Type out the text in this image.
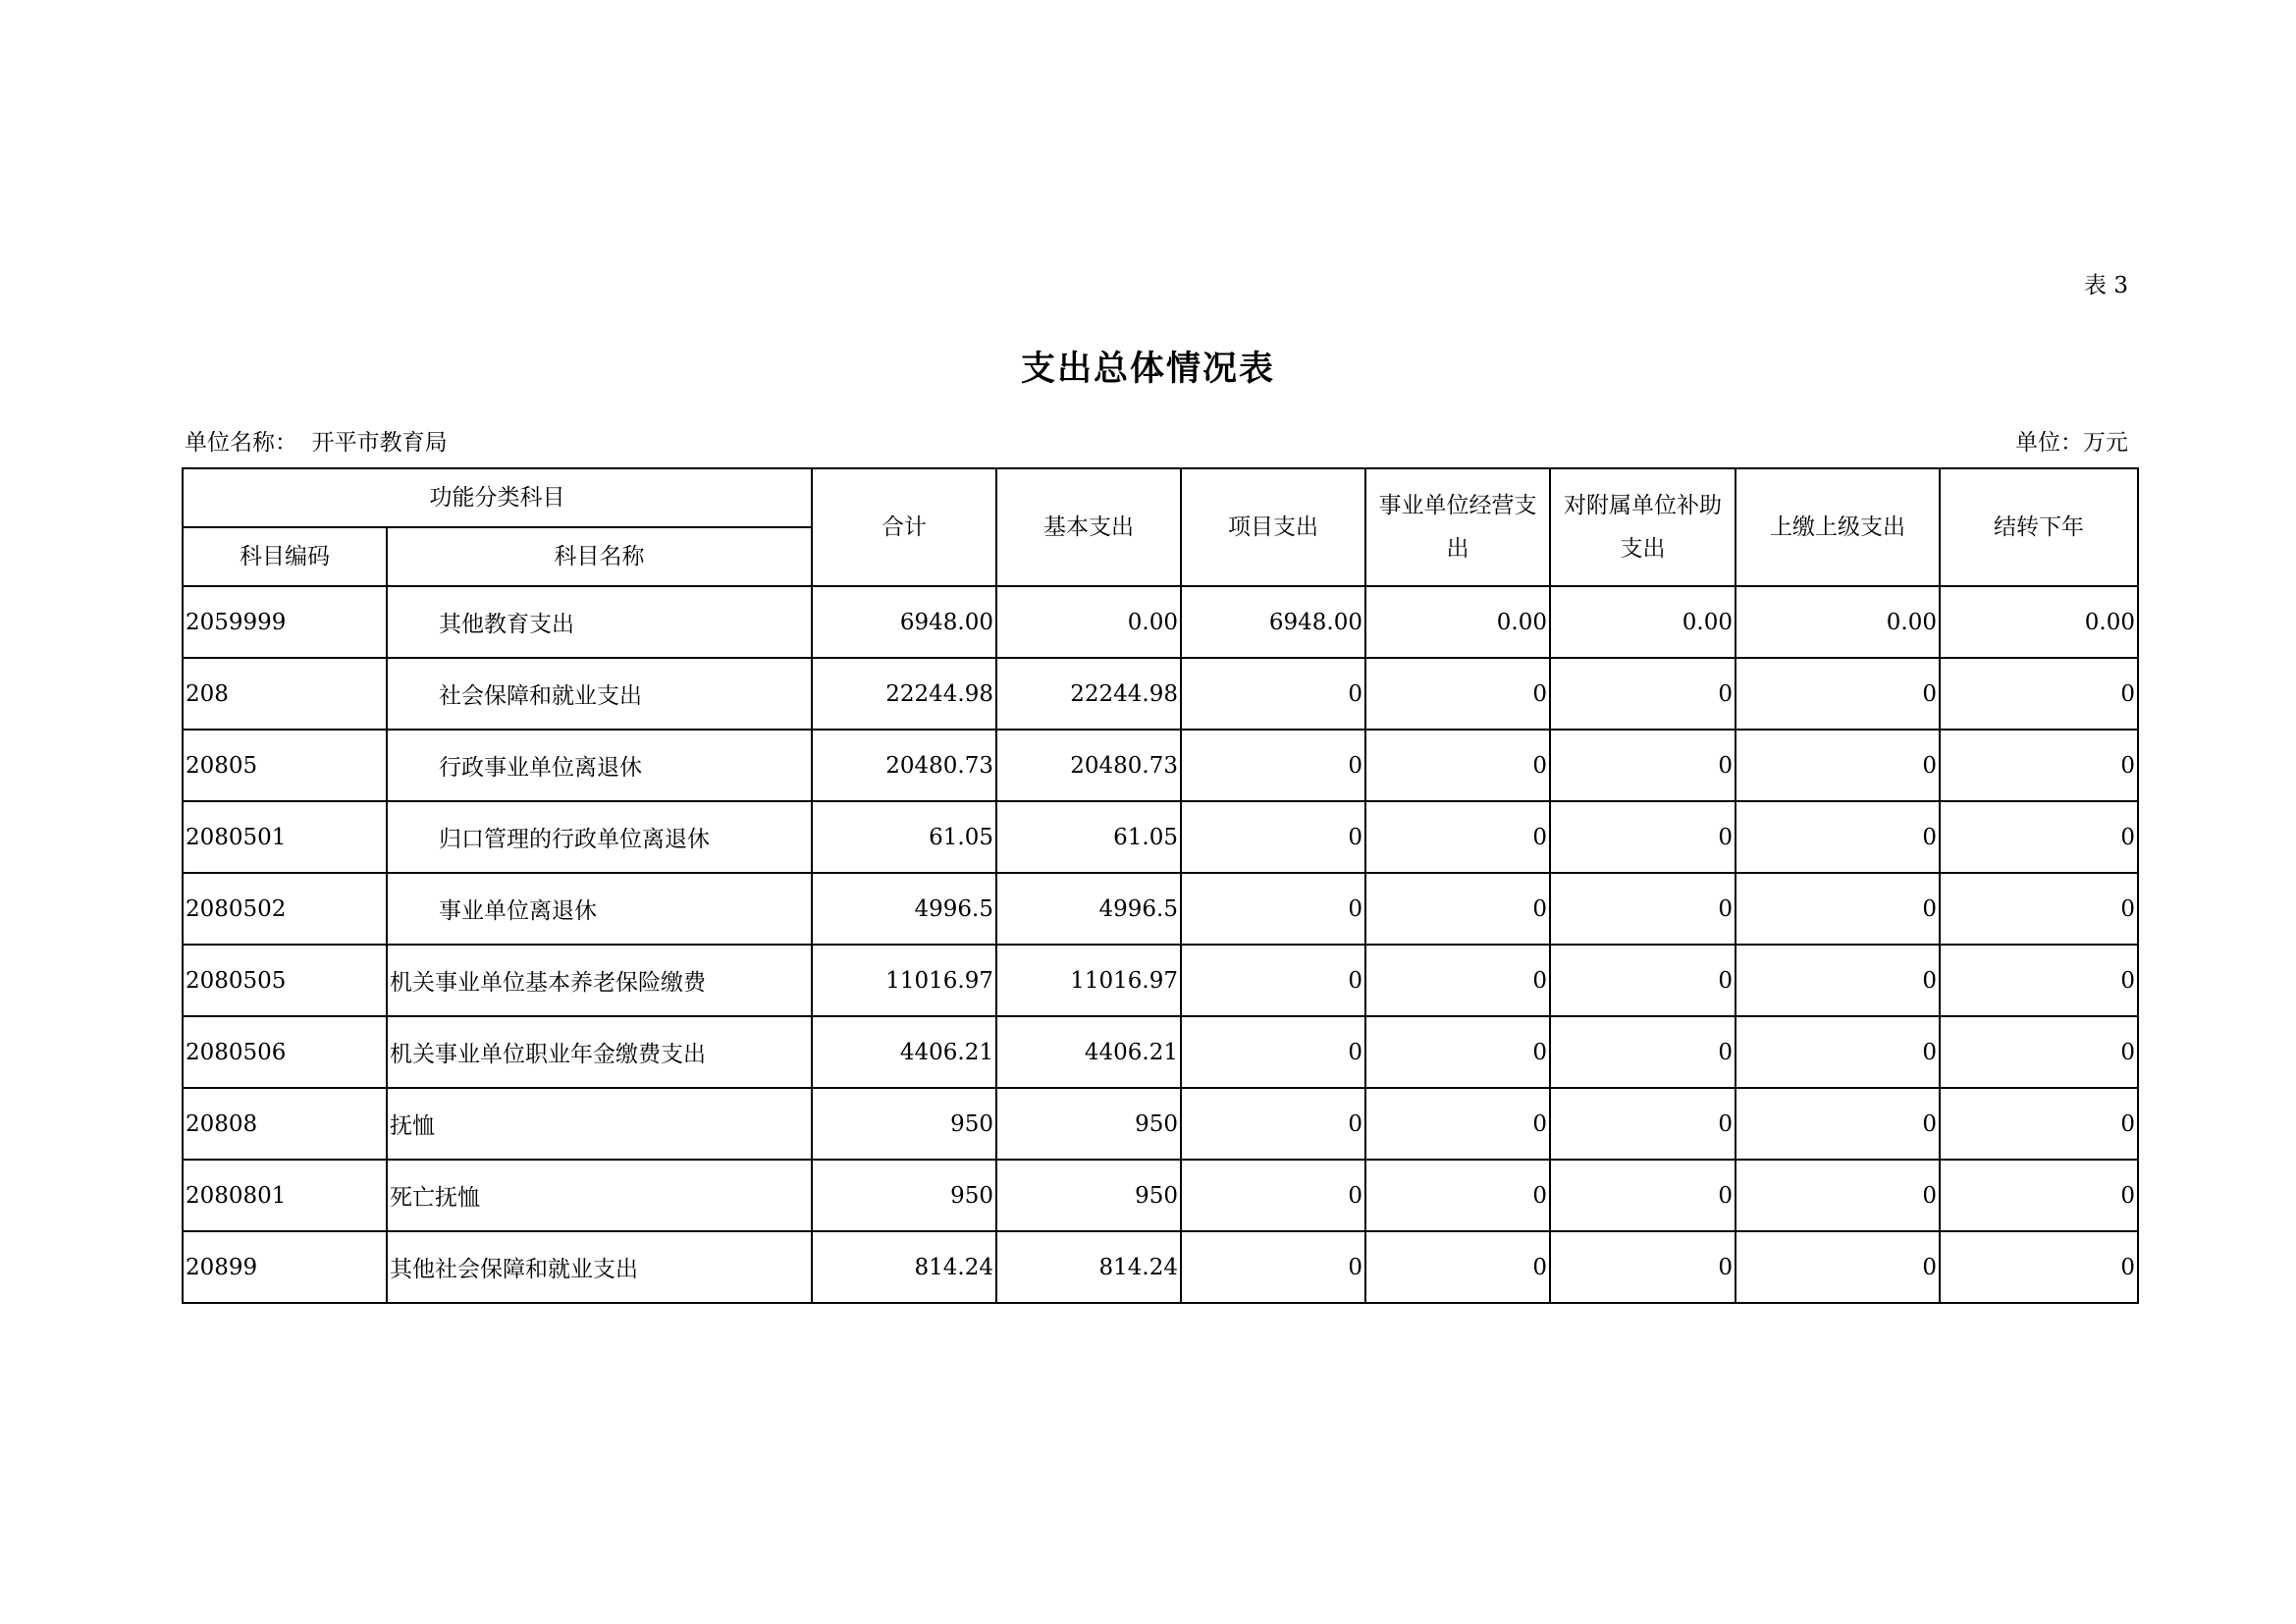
表 3
支出总体情况表
单位名称： 开平市教育局	单位：万元
功能分类科目		合计	基本支出	项目支出	事业单位经营支出	对附属单位补助支出	上缴上级支出	结转下年
科目编码	科目名称							
2059999	其他教育支出	6948.00	0.00	6948.00	0.00	0.00	0.00	0.00
208	社会保障和就业支出	22244.98	22244.98	0	0	0	0	0
20805	行政事业单位离退休	20480.73	20480.73	0	0	0	0	0
2080501	归口管理的行政单位离退休	61.05	61.05	0	0	0	0	0
2080502	事业单位离退休	4996.5	4996.5	0	0	0	0	0
2080505	机关事业单位基本养老保险缴费	11016.97	11016.97	0	0	0	0	0
2080506	机关事业单位职业年金缴费支出	4406.21	4406.21	0	0	0	0	0
20808	抚恤	950	950	0	0	0	0	0
2080801	死亡抚恤	950	950	0	0	0	0	0
20899	其他社会保障和就业支出	814.24	814.24	0	0	0	0	0
